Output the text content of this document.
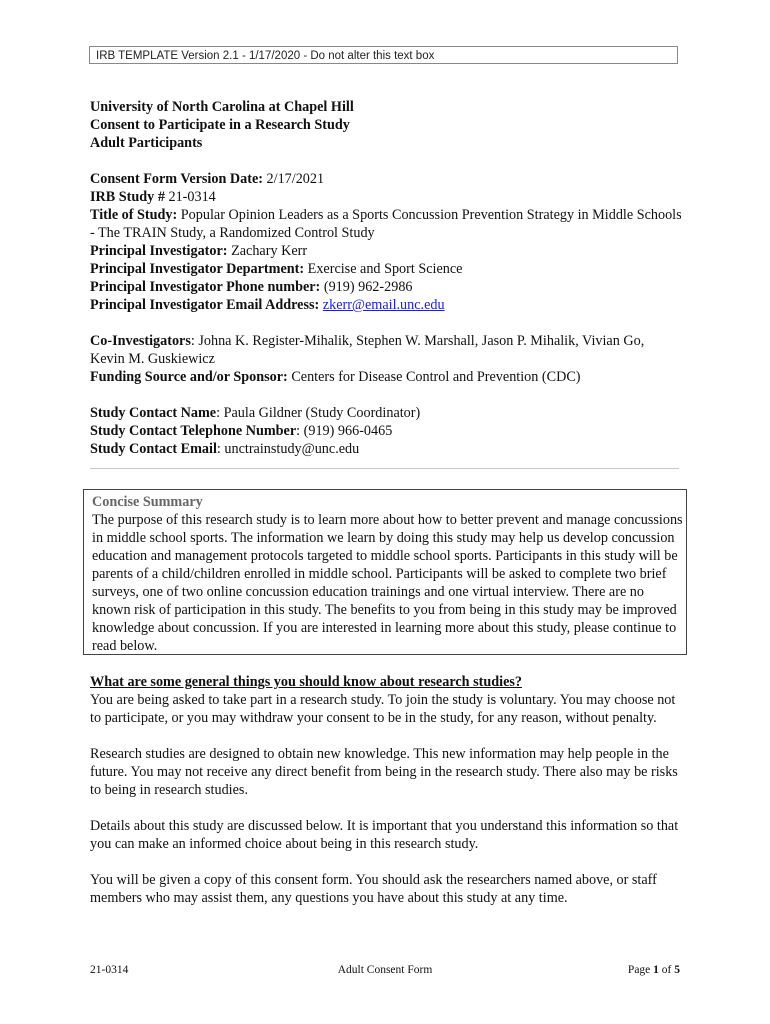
IRB TEMPLATE Version 2.1 - 1/17/2020 - Do not alter this text box

University of North Carolina at Chapel Hill

Consent to Participate in a Research Study

Adult Participants

Consent Form Version Date: 2/17/2021

IRB Study # 21-0314

Title of Study: Popular Opinion Leaders as a Sports Concussion Prevention Strategy in Middle Schools - The TRAIN Study, a Randomized Control Study

Principal Investigator: Zachary Kerr

Principal Investigator Department: Exercise and Sport Science

Principal Investigator Phone number: (919) 962-2986

Principal Investigator Email Address: zkerr@email.unc.edu

Co-Investigators: Johna K. Register-Mihalik, Stephen W. Marshall, Jason P. Mihalik, Vivian Go, Kevin M. Guskiewicz

Funding Source and/or Sponsor: Centers for Disease Control and Prevention (CDC)

Study Contact Name: Paula Gildner (Study Coordinator)

Study Contact Telephone Number: (919) 966-0465

Study Contact Email: unctrainstudy@unc.edu

Concise Summary
The purpose of this research study is to learn more about how to better prevent and manage concussions in middle school sports. The information we learn by doing this study may help us develop concussion education and management protocols targeted to middle school sports. Participants in this study will be parents of a child/children enrolled in middle school. Participants will be asked to complete two brief surveys, one of two online concussion education trainings and one virtual interview. There are no known risk of participation in this study. The benefits to you from being in this study may be improved knowledge about concussion. If you are interested in learning more about this study, please continue to read below.

What are some general things you should know about research studies?

You are being asked to take part in a research study. To join the study is voluntary. You may choose not to participate, or you may withdraw your consent to be in the study, for any reason, without penalty.

Research studies are designed to obtain new knowledge. This new information may help people in the future. You may not receive any direct benefit from being in the research study. There also may be risks to being in research studies.

Details about this study are discussed below. It is important that you understand this information so that you can make an informed choice about being in this research study.

You will be given a copy of this consent form. You should ask the researchers named above, or staff members who may assist them, any questions you have about this study at any time.

21-0314	Adult Consent Form	Page 1 of 5
